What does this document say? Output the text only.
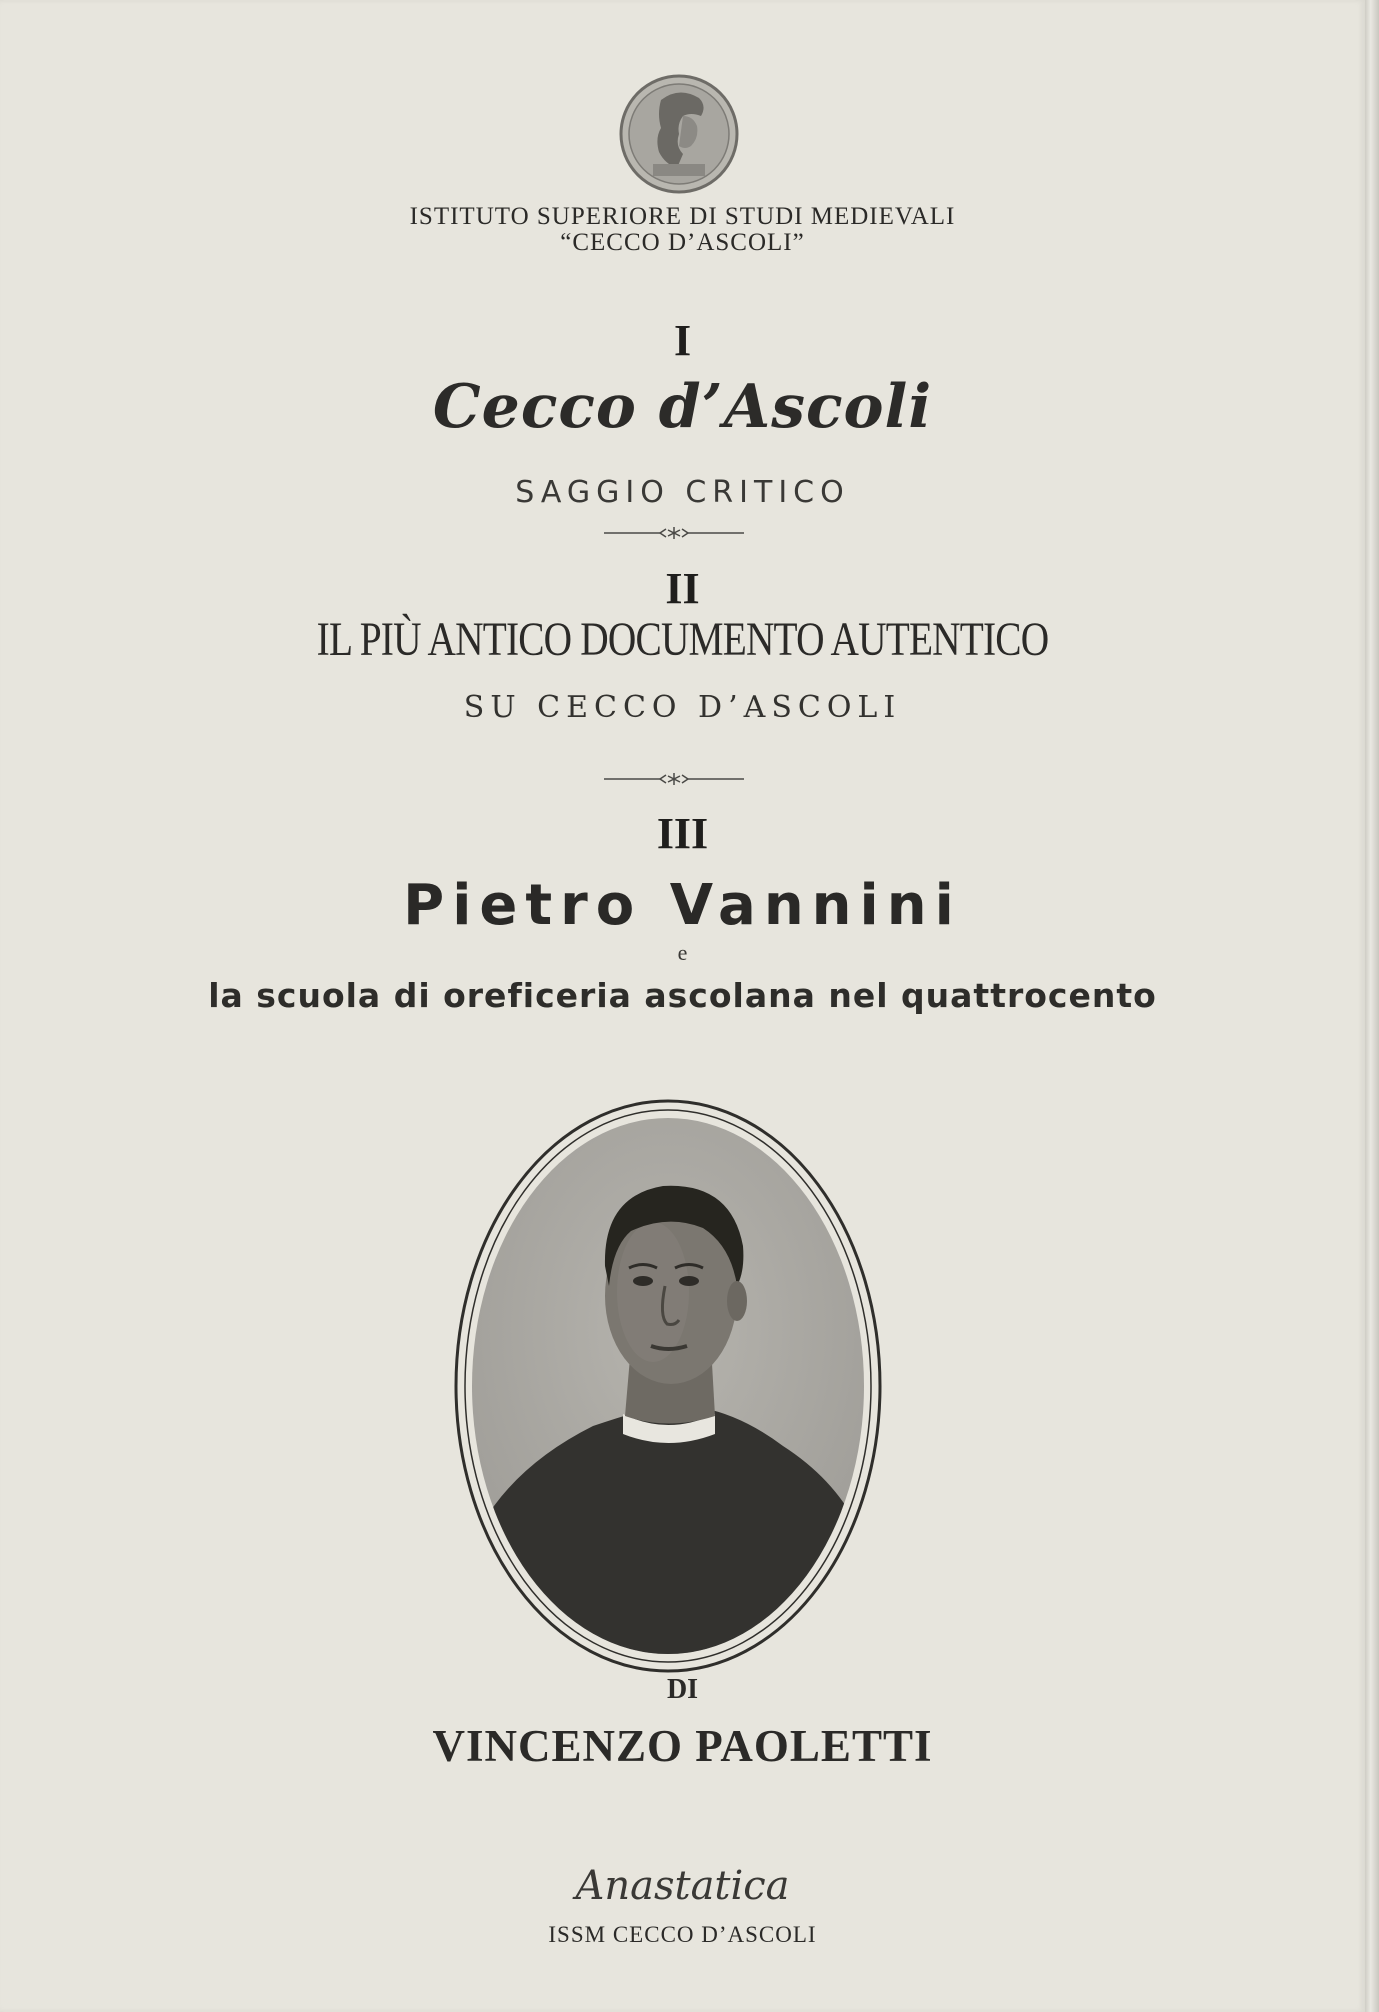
ISTITUTO SUPERIORE DI STUDI MEDIEVALI
“CECCO D’ASCOLI”
I
Cecco d’Ascoli
SAGGIO CRITICO
II
IL PIÙ ANTICO DOCUMENTO AUTENTICO
SU CECCO D’ASCOLI
III
Pietro Vannini
e
la scuola di oreficeria ascolana nel quattrocento
DI
VINCENZO PAOLETTI
Anastatica
ISSM CECCO D’ASCOLI
